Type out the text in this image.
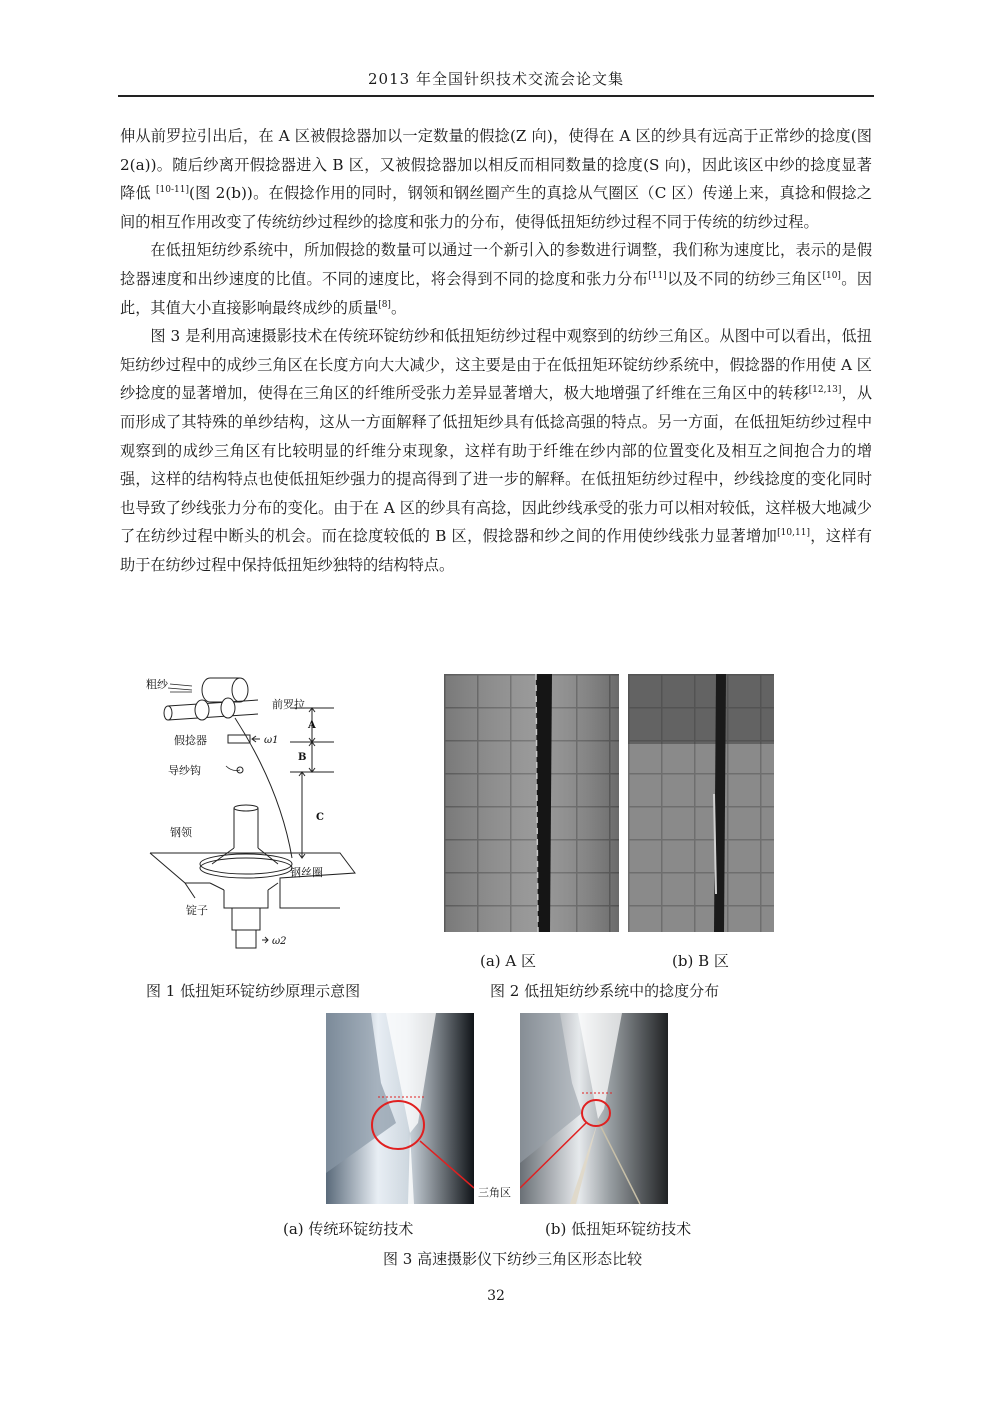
2013 年全国针织技术交流会论文集

伸从前罗拉引出后，在 A 区被假捻器加以一定数量的假捻(Z 向)，使得在 A 区的纱具有远高于正常纱的捻度(图 2(a))。随后纱离开假捻器进入 B 区，又被假捻器加以相反而相同数量的捻度(S 向)，因此该区中纱的捻度显著降低 [10-11](图 2(b))。在假捻作用的同时，钢领和钢丝圈产生的真捻从气圈区（C 区）传递上来，真捻和假捻之间的相互作用改变了传统纺纱过程纱的捻度和张力的分布，使得低扭矩纺纱过程不同于传统的纺纱过程。

在低扭矩纺纱系统中，所加假捻的数量可以通过一个新引入的参数进行调整，我们称为速度比，表示的是假捻器速度和出纱速度的比值。不同的速度比，将会得到不同的捻度和张力分布[11]以及不同的纺纱三角区[10]。因此，其值大小直接影响最终成纱的质量[8]。

图 3 是利用高速摄影技术在传统环锭纺纱和低扭矩纺纱过程中观察到的纺纱三角区。从图中可以看出，低扭矩纺纱过程中的成纱三角区在长度方向大大减少，这主要是由于在低扭矩环锭纺纱系统中，假捻器的作用使 A 区纱捻度的显著增加，使得在三角区的纤维所受张力差异显著增大，极大地增强了纤维在三角区中的转移[12,13]，从而形成了其特殊的单纱结构，这从一方面解释了低扭矩纱具有低捻高强的特点。另一方面，在低扭矩纺纱过程中观察到的成纱三角区有比较明显的纤维分束现象，这样有助于纤维在纱内部的位置变化及相互之间抱合力的增强，这样的结构特点也使低扭矩纱强力的提高得到了进一步的解释。在低扭矩纺纱过程中，纱线捻度的变化同时也导致了纱线张力分布的变化。由于在 A 区的纱具有高捻，因此纱线承受的张力可以相对较低，这样极大地减少了在纺纱过程中断头的机会。而在捻度较低的 B 区，假捻器和纱之间的作用使纱线张力显著增加[10,11]，这样有助于在纺纱过程中保持低扭矩纱独特的结构特点。

粗纱
前罗拉
A
假捻器	ω1
B
导纱钩
C
钢领
钢丝圈
锭子
ω2
(a) A 区	(b) B 区
图 1 低扭矩环锭纺纱原理示意图	图 2 低扭矩纺纱系统中的捻度分布
三角区
(a) 传统环锭纺技术	(b) 低扭矩环锭纺技术
图 3 高速摄影仪下纺纱三角区形态比较
32
